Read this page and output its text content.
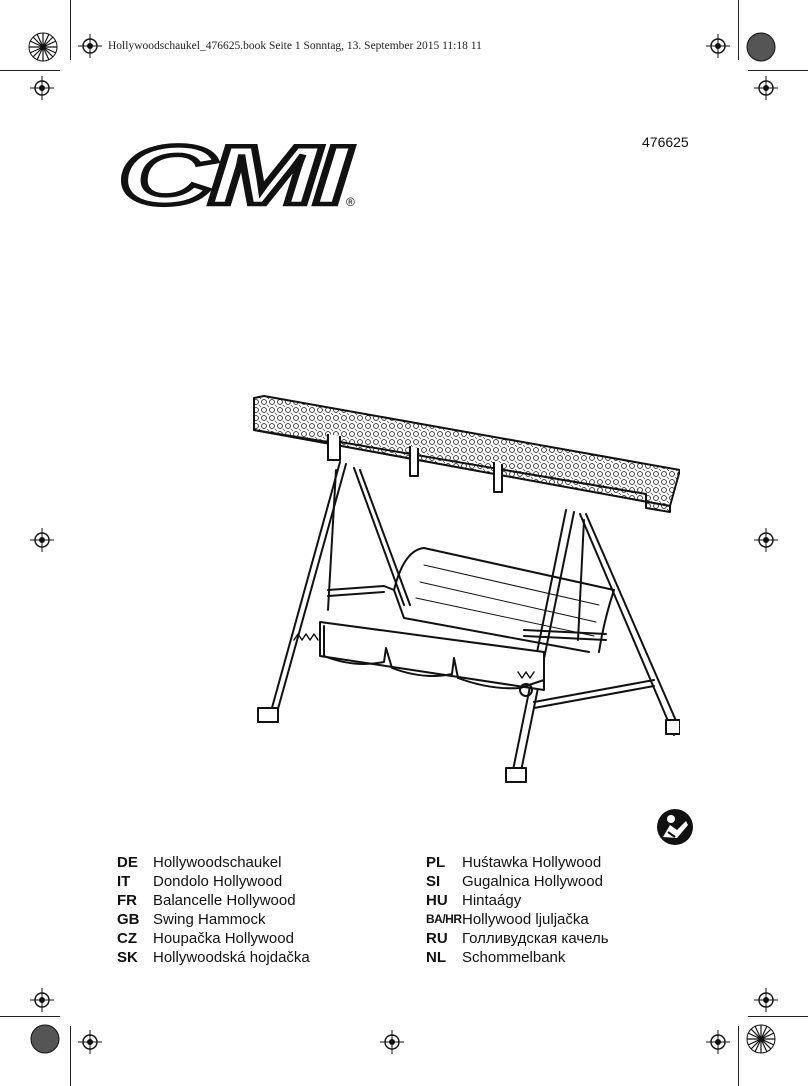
Hollywoodschaukel_476625.book Seite 1 Sonntag, 13. September 2015 11:18 11
476625
CMI
®
DE	Hollywoodschaukel
IT	Dondolo Hollywood
FR	Balancelle Hollywood
GB Swing Hammock
CZ	Houpačka Hollywood
SK	Hollywoodská hojdačka
PL	Huśtawka Hollywood
SI	Gugalnica Hollywood
HU Hintaágy
BA/HR Hollywood ljuljačka
RU Голливудская качель
NL	Schommelbank
